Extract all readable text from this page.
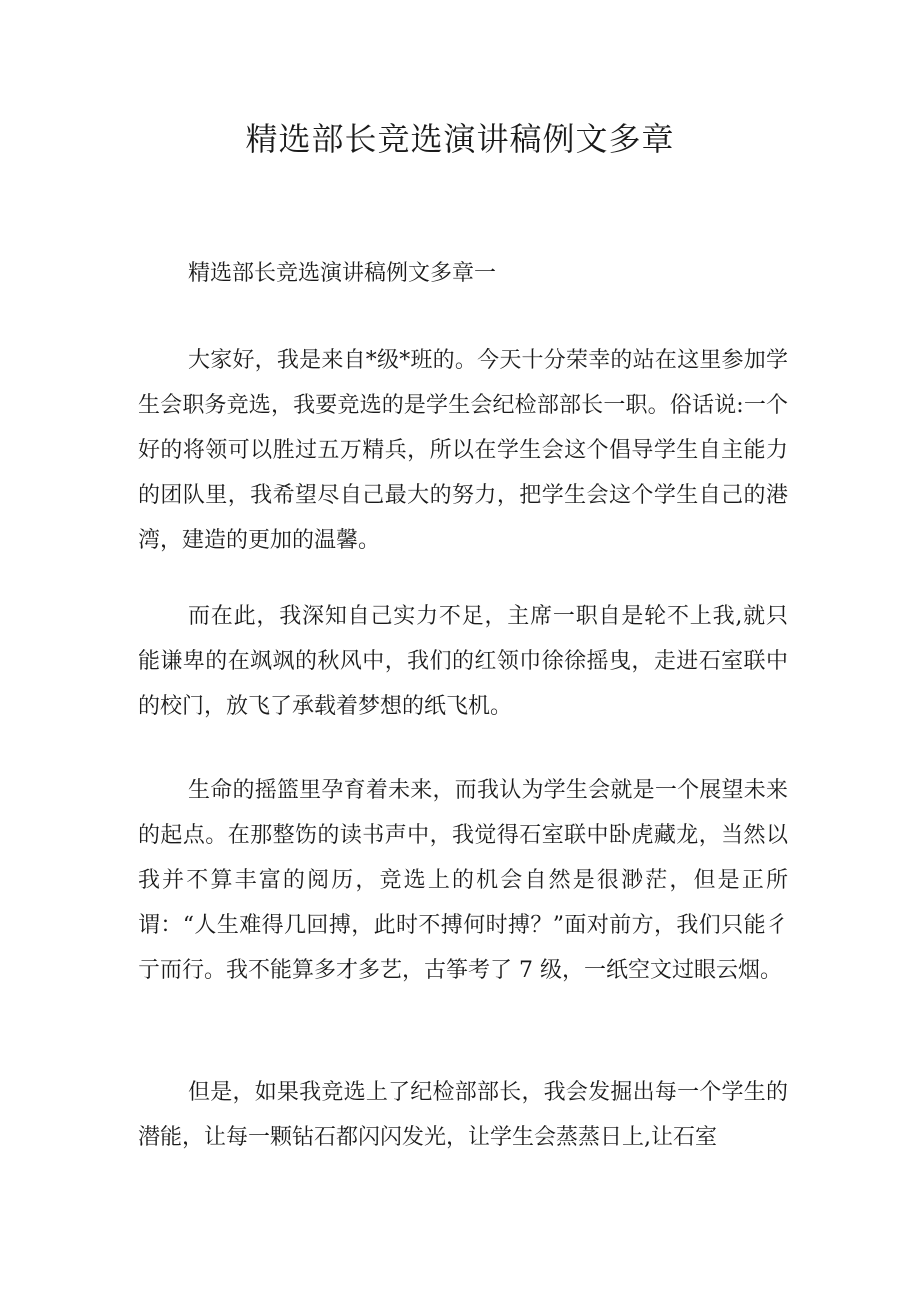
精选部长竞选演讲稿例文多章

精选部长竞选演讲稿例文多章一

大家好，我是来自*级*班的。今天十分荣幸的站在这里参加学生会职务竞选，我要竞选的是学生会纪检部部长一职。俗话说:一个好的将领可以胜过五万精兵，所以在学生会这个倡导学生自主能力的团队里，我希望尽自己最大的努力，把学生会这个学生自己的港湾，建造的更加的温馨。

而在此，我深知自己实力不足，主席一职自是轮不上我,就只能谦卑的在飒飒的秋风中，我们的红领巾徐徐摇曳，走进石室联中的校门，放飞了承载着梦想的纸飞机。

生命的摇篮里孕育着未来，而我认为学生会就是一个展望未来的起点。在那整饬的读书声中，我觉得石室联中卧虎藏龙，当然以我并不算丰富的阅历，竞选上的机会自然是很渺茫，但是正所谓：“人生难得几回搏，此时不搏何时搏？”面对前方，我们只能彳亍而行。我不能算多才多艺，古筝考了 7 级，一纸空文过眼云烟。

但是，如果我竞选上了纪检部部长，我会发掘出每一个学生的潜能，让每一颗钻石都闪闪发光，让学生会蒸蒸日上,让石室
